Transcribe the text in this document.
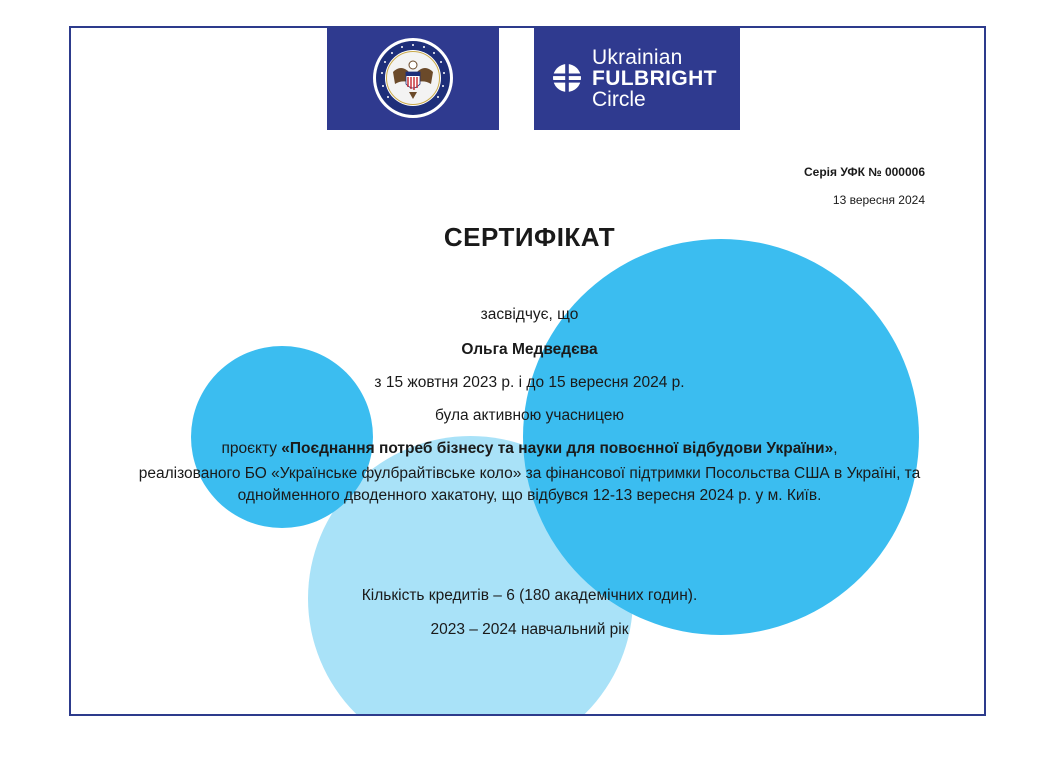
Ukrainian
FULBRIGHT
Circle
Серія УФК № 000006
13 вересня 2024
СЕРТИФІКАТ
засвідчує, що
Ольга Медведєва
з 15 жовтня 2023 р. і до 15 вересня 2024 р.
була активною учасницею
проєкту «Поєднання потреб бізнесу та науки для повоєнної відбудови України»,
реалізованого БО «Українське фулбрайтівське коло» за фінансової підтримки Посольства США в Україні, та однойменного дводенного хакатону, що відбувся 12-13 вересня 2024 р. у м. Київ.
Кількість кредитів – 6 (180 академічних годин).
2023 – 2024 навчальний рік
